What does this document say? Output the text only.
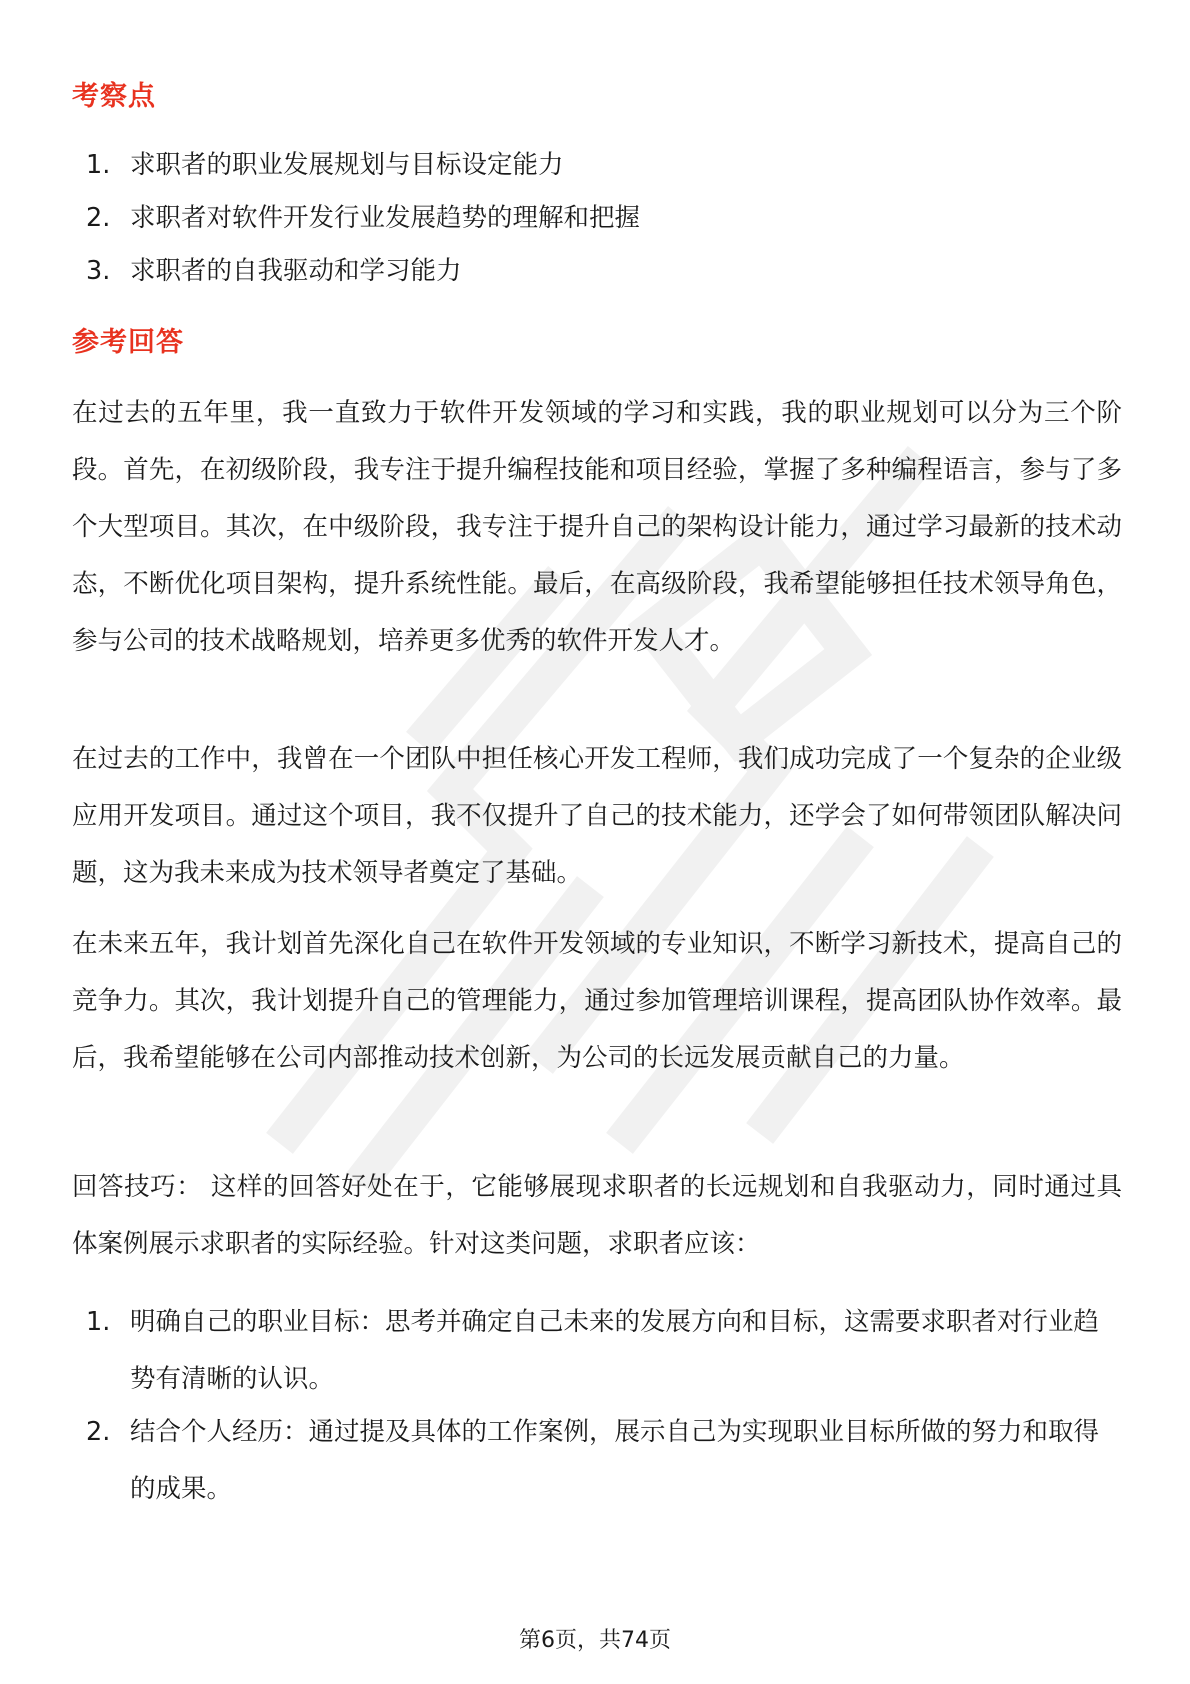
考察点
1. 求职者的职业发展规划与目标设定能力
2. 求职者对软件开发行业发展趋势的理解和把握
3. 求职者的自我驱动和学习能力
参考回答

在过去的五年里，我一直致力于软件开发领域的学习和实践，我的职业规划可以分为三个阶段。首先，在初级阶段，我专注于提升编程技能和项目经验，掌握了多种编程语言，参与了多个大型项目。其次，在中级阶段，我专注于提升自己的架构设计能力，通过学习最新的技术动态，不断优化项目架构，提升系统性能。最后，在高级阶段，我希望能够担任技术领导角色，参与公司的技术战略规划，培养更多优秀的软件开发人才。

在过去的工作中，我曾在一个团队中担任核心开发工程师，我们成功完成了一个复杂的企业级应用开发项目。通过这个项目，我不仅提升了自己的技术能力，还学会了如何带领团队解决问题，这为我未来成为技术领导者奠定了基础。

在未来五年，我计划首先深化自己在软件开发领域的专业知识，不断学习新技术，提高自己的竞争力。其次，我计划提升自己的管理能力，通过参加管理培训课程，提高团队协作效率。最后，我希望能够在公司内部推动技术创新，为公司的长远发展贡献自己的力量。

回答技巧： 这样的回答好处在于，它能够展现求职者的长远规划和自我驱动力，同时通过具体案例展示求职者的实际经验。针对这类问题，求职者应该：

1. 明确自己的职业目标：思考并确定自己未来的发展方向和目标，这需要求职者对行业趋势有清晰的认识。
2. 结合个人经历：通过提及具体的工作案例，展示自己为实现职业目标所做的努力和取得的成果。
第6页，共74页
